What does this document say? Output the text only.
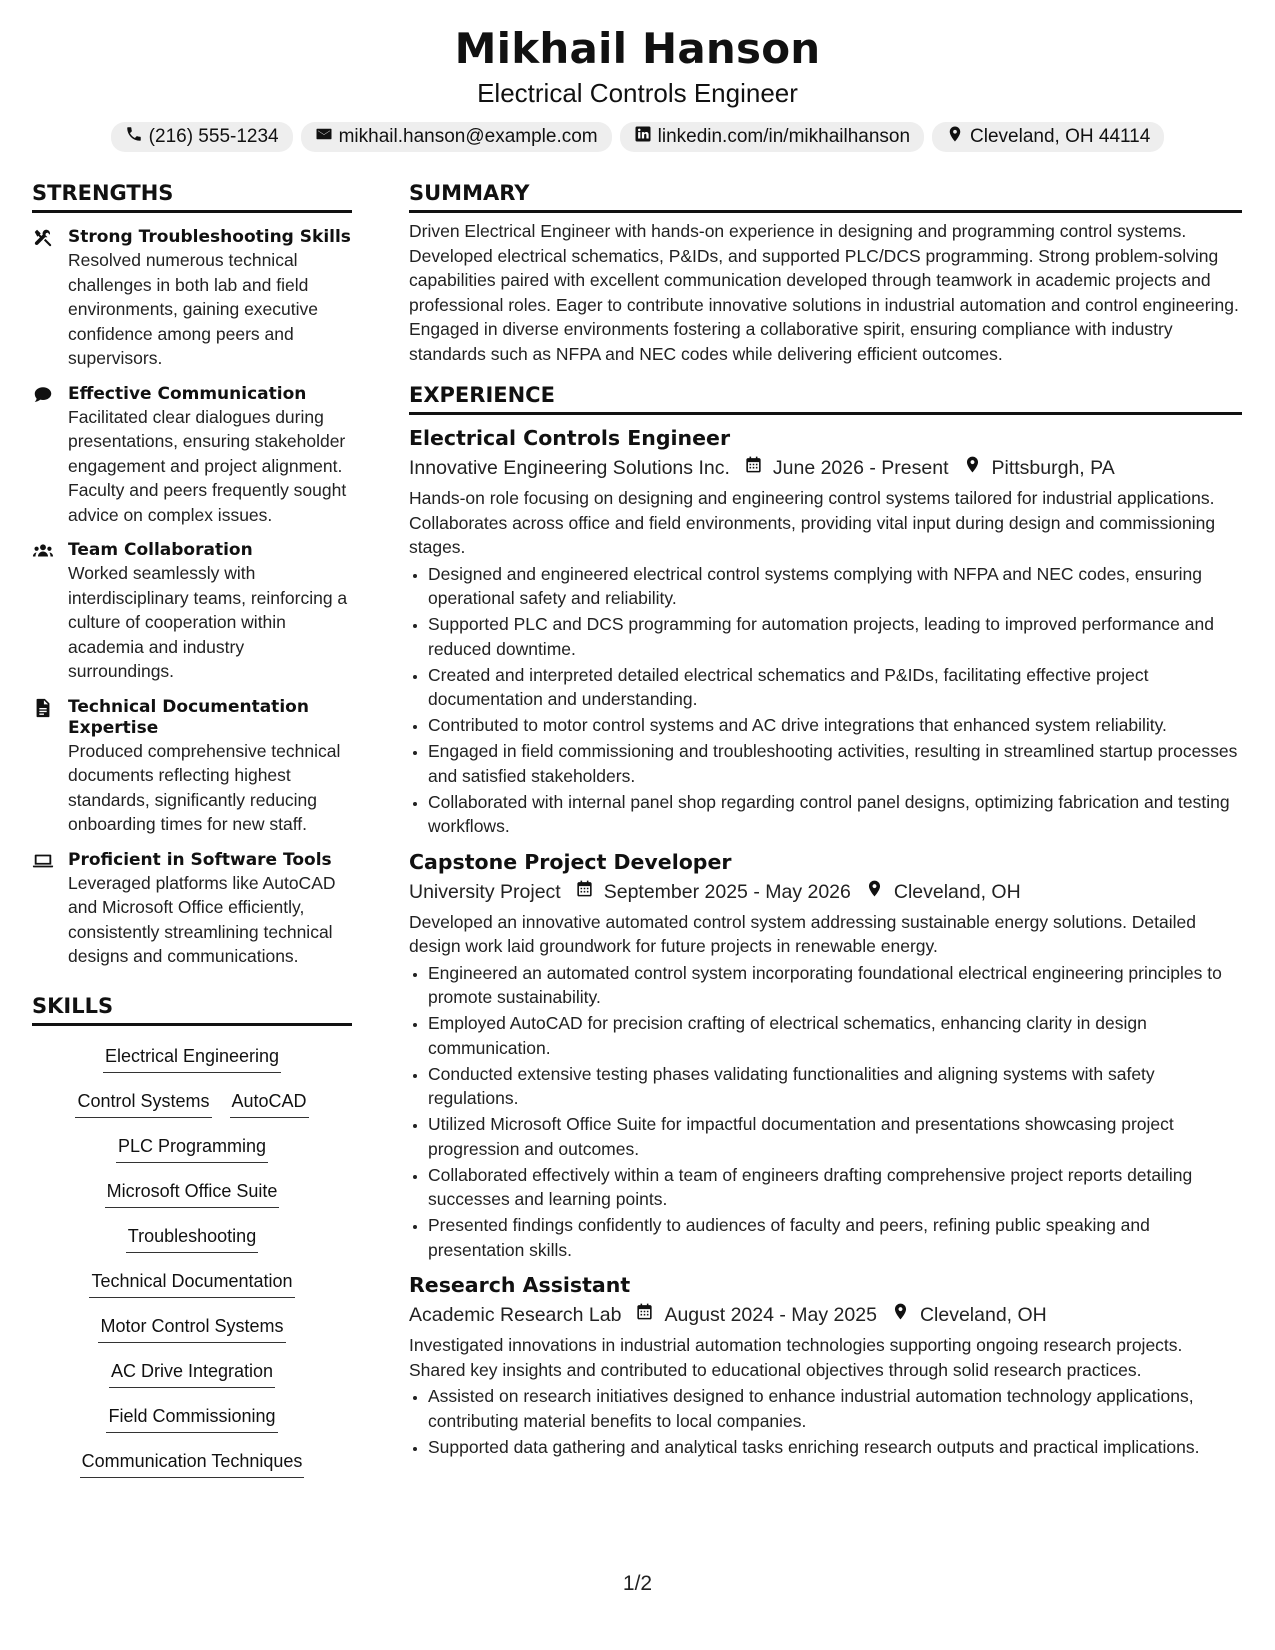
Mikhail Hanson
Electrical Controls Engineer
(216) 555-1234	mikhail.hanson@example.com	linkedin.com/in/mikhailhanson	Cleveland, OH 44114
STRENGTHS
Strong Troubleshooting Skills
Resolved numerous technical challenges in both lab and field environments, gaining executive confidence among peers and supervisors.
Effective Communication
Facilitated clear dialogues during presentations, ensuring stakeholder engagement and project alignment. Faculty and peers frequently sought advice on complex issues.
Team Collaboration
Worked seamlessly with interdisciplinary teams, reinforcing a culture of cooperation within academia and industry surroundings.
Technical Documentation Expertise
Produced comprehensive technical documents reflecting highest standards, significantly reducing onboarding times for new staff.
Proficient in Software Tools
Leveraged platforms like AutoCAD and Microsoft Office efficiently, consistently streamlining technical designs and communications.
SKILLS
Electrical Engineering
Control Systems AutoCAD
PLC Programming
Microsoft Office Suite
Troubleshooting
Technical Documentation
Motor Control Systems
AC Drive Integration
Field Commissioning
Communication Techniques
SUMMARY
Driven Electrical Engineer with hands-on experience in designing and programming control systems. Developed electrical schematics, P&IDs, and supported PLC/DCS programming. Strong problem-solving capabilities paired with excellent communication developed through teamwork in academic projects and professional roles. Eager to contribute innovative solutions in industrial automation and control engineering. Engaged in diverse environments fostering a collaborative spirit, ensuring compliance with industry standards such as NFPA and NEC codes while delivering efficient outcomes.
EXPERIENCE
Electrical Controls Engineer
Innovative Engineering Solutions Inc. June 2026 - Present Pittsburgh, PA
Hands-on role focusing on designing and engineering control systems tailored for industrial applications. Collaborates across office and field environments, providing vital input during design and commissioning stages.
• Designed and engineered electrical control systems complying with NFPA and NEC codes, ensuring operational safety and reliability.
• Supported PLC and DCS programming for automation projects, leading to improved performance and reduced downtime.
• Created and interpreted detailed electrical schematics and P&IDs, facilitating effective project documentation and understanding.
• Contributed to motor control systems and AC drive integrations that enhanced system reliability.
• Engaged in field commissioning and troubleshooting activities, resulting in streamlined startup processes and satisfied stakeholders.
• Collaborated with internal panel shop regarding control panel designs, optimizing fabrication and testing workflows.
Capstone Project Developer
University Project September 2025 - May 2026 Cleveland, OH
Developed an innovative automated control system addressing sustainable energy solutions. Detailed design work laid groundwork for future projects in renewable energy.
• Engineered an automated control system incorporating foundational electrical engineering principles to promote sustainability.
• Employed AutoCAD for precision crafting of electrical schematics, enhancing clarity in design communication.
• Conducted extensive testing phases validating functionalities and aligning systems with safety regulations.
• Utilized Microsoft Office Suite for impactful documentation and presentations showcasing project progression and outcomes.
• Collaborated effectively within a team of engineers drafting comprehensive project reports detailing successes and learning points.
• Presented findings confidently to audiences of faculty and peers, refining public speaking and presentation skills.
Research Assistant
Academic Research Lab August 2024 - May 2025 Cleveland, OH
Investigated innovations in industrial automation technologies supporting ongoing research projects. Shared key insights and contributed to educational objectives through solid research practices.
• Assisted on research initiatives designed to enhance industrial automation technology applications, contributing material benefits to local companies.
• Supported data gathering and analytical tasks enriching research outputs and practical implications.
1/2
